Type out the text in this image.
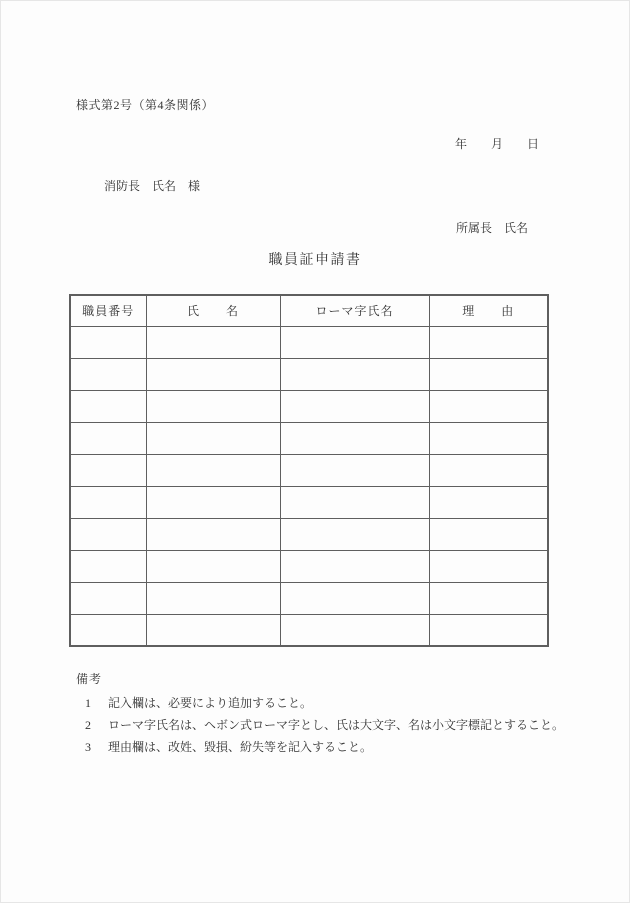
様式第2号（第4条関係）
年　　月　　日
消防長　氏名　様
所属長　氏名
職員証申請書
職員番号	氏　　名	ローマ字氏名	理　　由

備考
1	記入欄は、必要により追加すること。
2	ローマ字氏名は、ヘボン式ローマ字とし、氏は大文字、名は小文字標記とすること。
3	理由欄は、改姓、毀損、紛失等を記入すること。
